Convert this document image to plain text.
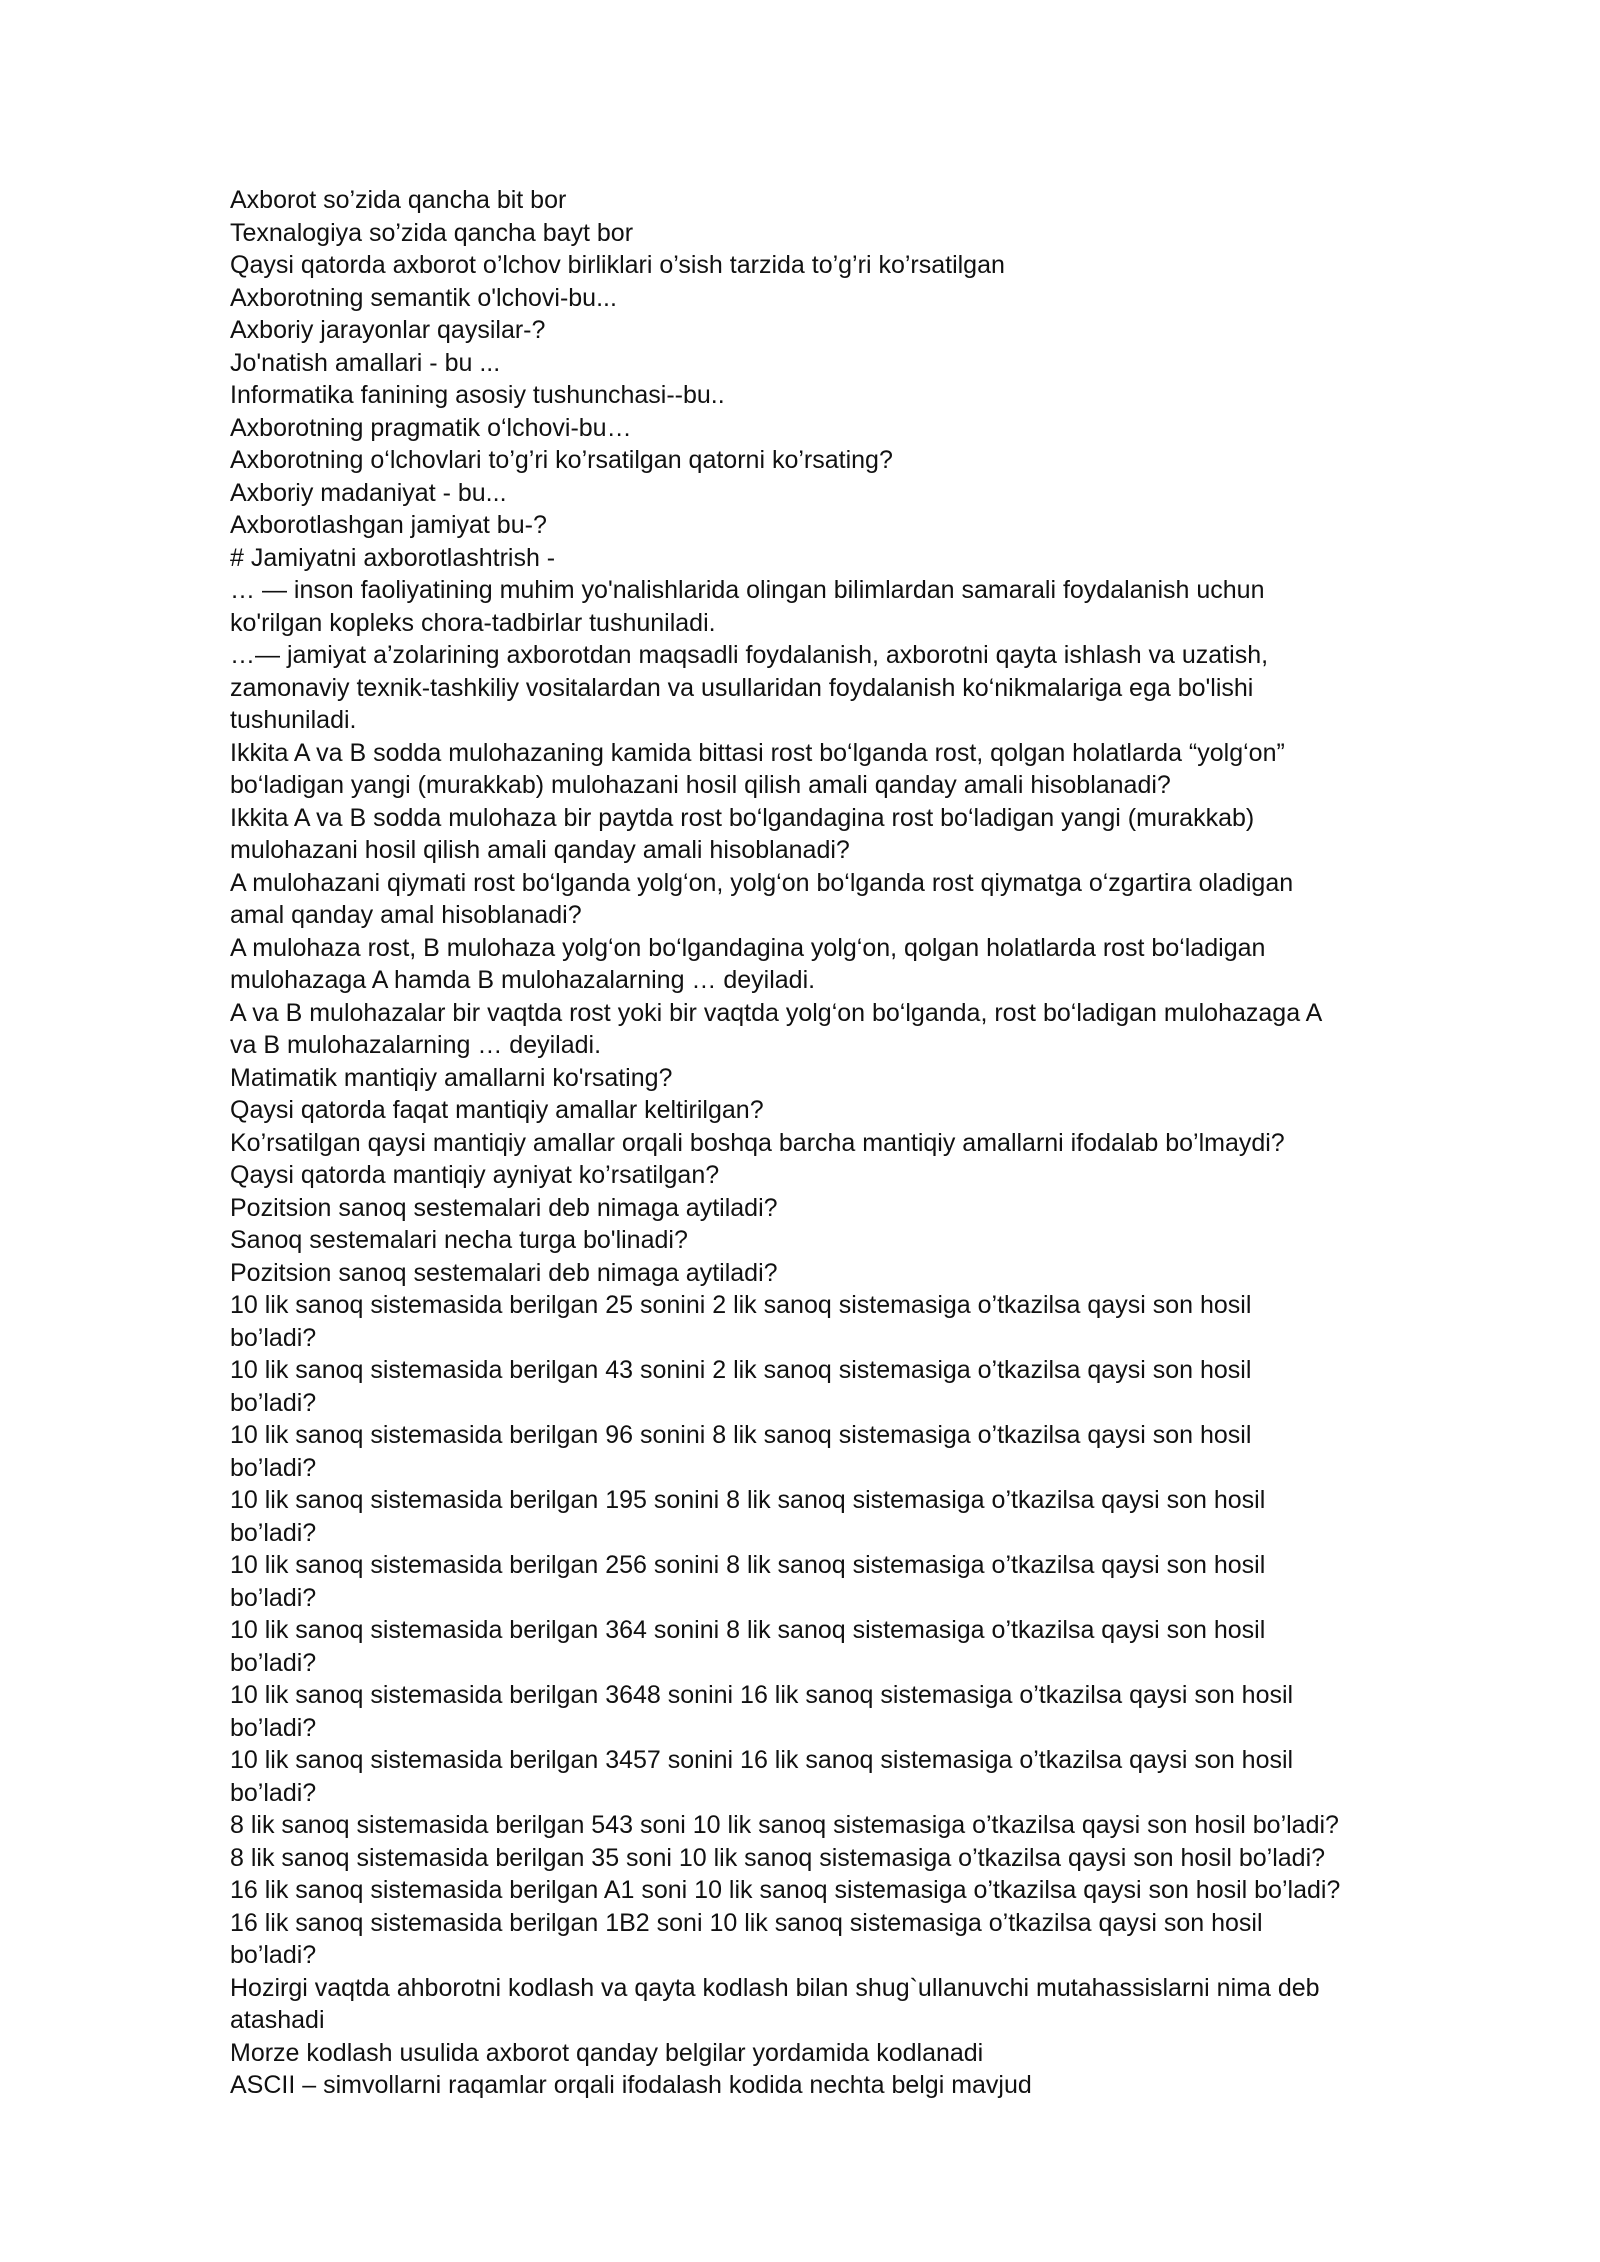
Axborot so’zida qancha bit bor

Texnalogiya so’zida qancha bayt bor

Qaysi qatorda axborot o’lchov birliklari o’sish tarzida to’g’ri ko’rsatilgan

Axborotning semantik o'lchovi-bu...

Axboriy jarayonlar qaysilar-?

Jo'natish amallari - bu ...

Informatika fanining asosiy tushunchasi--bu..

Axborotning pragmatik o‘lchovi-bu…

Axborotning o‘lchovlari to’g’ri ko’rsatilgan qatorni ko’rsating?

Axboriy madaniyat - bu...

Axborotlashgan jamiyat bu-?

# Jamiyatni axborotlashtrish -

… — inson faoliyatining muhim yo'nalishlarida olingan bilimlardan samarali foydalanish uchun

ko'rilgan kopleks chora-tadbirlar tushuniladi.

…— jamiyat a’zolarining axborotdan maqsadli foydalanish, axborotni qayta ishlash va uzatish,

zamonaviy texnik-tashkiliy vositalardan va usullaridan foydalanish ko‘nikmalariga ega bo'lishi

tushuniladi.

Ikkita A va B sodda mulohazaning kamida bittasi rost bo‘lganda rost, qolgan holatlarda “yolg‘on”

bo‘ladigan yangi (murakkab) mulohazani hosil qilish amali qanday amali hisoblanadi?

Ikkita A va B sodda mulohaza bir paytda rost bo‘lgandagina rost bo‘ladigan yangi (murakkab)

mulohazani hosil qilish amali qanday amali hisoblanadi?

A mulohazani qiymati rost bo‘lganda yolg‘on, yolg‘on bo‘lganda rost qiymatga o‘zgartira oladigan

amal qanday amal hisoblanadi?

A mulohaza rost, B mulohaza yolg‘on bo‘lgandagina yolg‘on, qolgan holatlarda rost bo‘ladigan

mulohazaga A hamda B mulohazalarning … deyiladi.

A va B mulohazalar bir vaqtda rost yoki bir vaqtda yolg‘on bo‘lganda, rost bo‘ladigan mulohazaga A

va B mulohazalarning … deyiladi.

Matimatik mantiqiy amallarni ko'rsating?

Qaysi qatorda faqat mantiqiy amallar keltirilgan?

Ko’rsatilgan qaysi mantiqiy amallar orqali boshqa barcha mantiqiy amallarni ifodalab bo’lmaydi?

Qaysi qatorda mantiqiy ayniyat ko’rsatilgan?

Pozitsion sanoq sestemalari deb nimaga aytiladi?

Sanoq sestemalari necha turga bo'linadi?

Pozitsion sanoq sestemalari deb nimaga aytiladi?

10 lik sanoq sistemasida berilgan 25 sonini 2 lik sanoq sistemasiga o’tkazilsa qaysi son hosil

bo’ladi?

10 lik sanoq sistemasida berilgan 43 sonini 2 lik sanoq sistemasiga o’tkazilsa qaysi son hosil

bo’ladi?

10 lik sanoq sistemasida berilgan 96 sonini 8 lik sanoq sistemasiga o’tkazilsa qaysi son hosil

bo’ladi?

10 lik sanoq sistemasida berilgan 195 sonini 8 lik sanoq sistemasiga o’tkazilsa qaysi son hosil

bo’ladi?

10 lik sanoq sistemasida berilgan 256 sonini 8 lik sanoq sistemasiga o’tkazilsa qaysi son hosil

bo’ladi?

10 lik sanoq sistemasida berilgan 364 sonini 8 lik sanoq sistemasiga o’tkazilsa qaysi son hosil

bo’ladi?

10 lik sanoq sistemasida berilgan 3648 sonini 16 lik sanoq sistemasiga o’tkazilsa qaysi son hosil

bo’ladi?

10 lik sanoq sistemasida berilgan 3457 sonini 16 lik sanoq sistemasiga o’tkazilsa qaysi son hosil

bo’ladi?

8 lik sanoq sistemasida berilgan 543 soni 10 lik sanoq sistemasiga o’tkazilsa qaysi son hosil bo’ladi?

8 lik sanoq sistemasida berilgan 35 soni 10 lik sanoq sistemasiga o’tkazilsa qaysi son hosil bo’ladi?

16 lik sanoq sistemasida berilgan A1 soni 10 lik sanoq sistemasiga o’tkazilsa qaysi son hosil bo’ladi?

16 lik sanoq sistemasida berilgan 1B2 soni 10 lik sanoq sistemasiga o’tkazilsa qaysi son hosil

bo’ladi?

Hozirgi vaqtda ahborotni kodlash va qayta kodlash bilan shug`ullanuvchi mutahassislarni nima deb

atashadi

Morze kodlash usulida axborot qanday belgilar yordamida kodlanadi

ASCII – simvollarni raqamlar orqali ifodalash kodida nechta belgi mavjud
